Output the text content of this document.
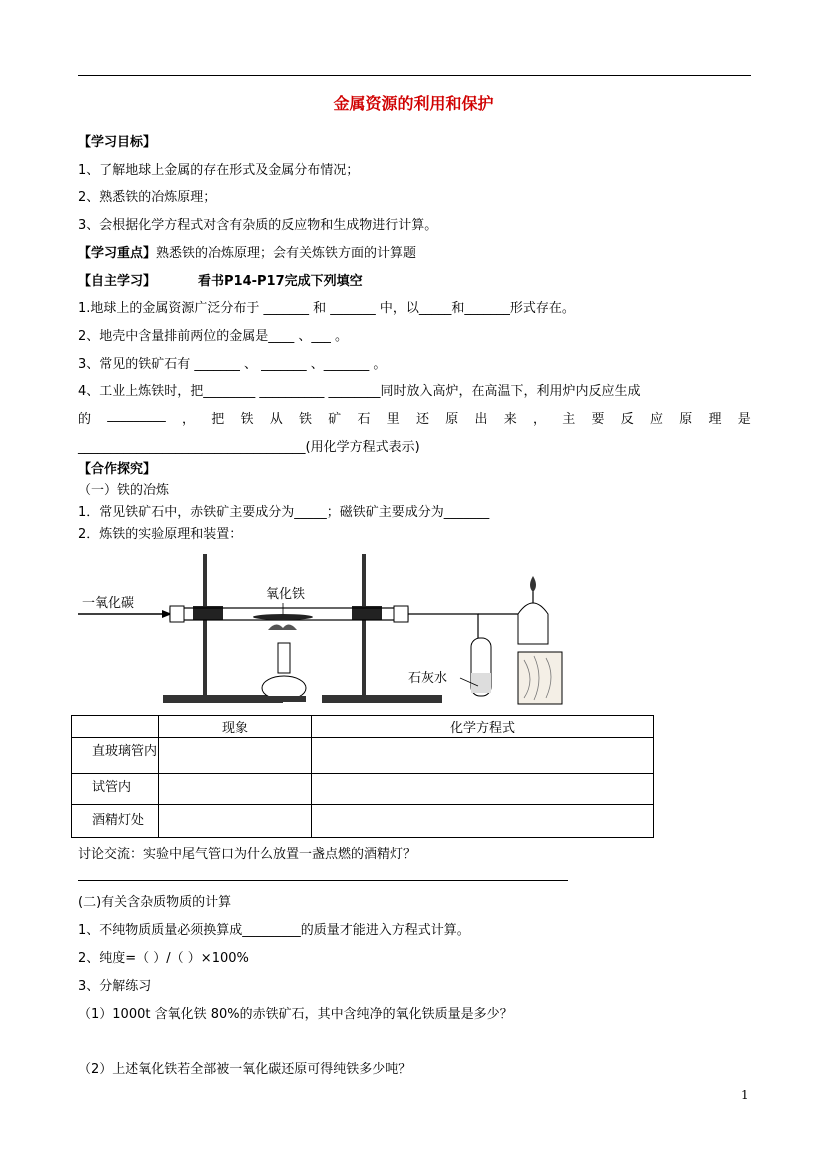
金属资源的利用和保护
【学习目标】
1、了解地球上金属的存在形式及金属分布情况；
2、熟悉铁的冶炼原理；
3、会根据化学方程式对含有杂质的反应物和生成物进行计算。
【学习重点】熟悉铁的冶炼原理；会有关炼铁方面的计算题
【自主学习】	看书P14-P17完成下列填空
1.地球上的金属资源广泛分布于 _______ 和 _______ 中，以_____和_______形式存在。
2、地壳中含量排前两位的金属是____ 、___ 。
3、常见的铁矿石有 _______ 、 _______ 、_______ 。
4、工业上炼铁时，把________ __________ ________同时放入高炉，在高温下，利用炉内反应生成
的 _________ ， 把 铁 从 铁 矿 石 里 还 原 出 来 ， 主 要 反 应 原 理 是
___________________________________(用化学方程式表示)
【合作探究】
（一）铁的冶炼
1．常见铁矿石中，赤铁矿主要成分为_____；磁铁矿主要成分为_______
2．炼铁的实验原理和装置：
一氧化碳
氧化铁
石灰水
	现象	化学方程式
直玻璃管内		
试管内		
酒精灯处		
讨论交流：实验中尾气管口为什么放置一盏点燃的酒精灯？
(二)有关含杂质物质的计算
1、不纯物质质量必须换算成_________的质量才能进入方程式计算。
2、纯度=（ ）/（ ）×100%
3、分解练习
（1）1000t 含氧化铁 80%的赤铁矿石，其中含纯净的氧化铁质量是多少？
（2）上述氧化铁若全部被一氧化碳还原可得纯铁多少吨？
1
